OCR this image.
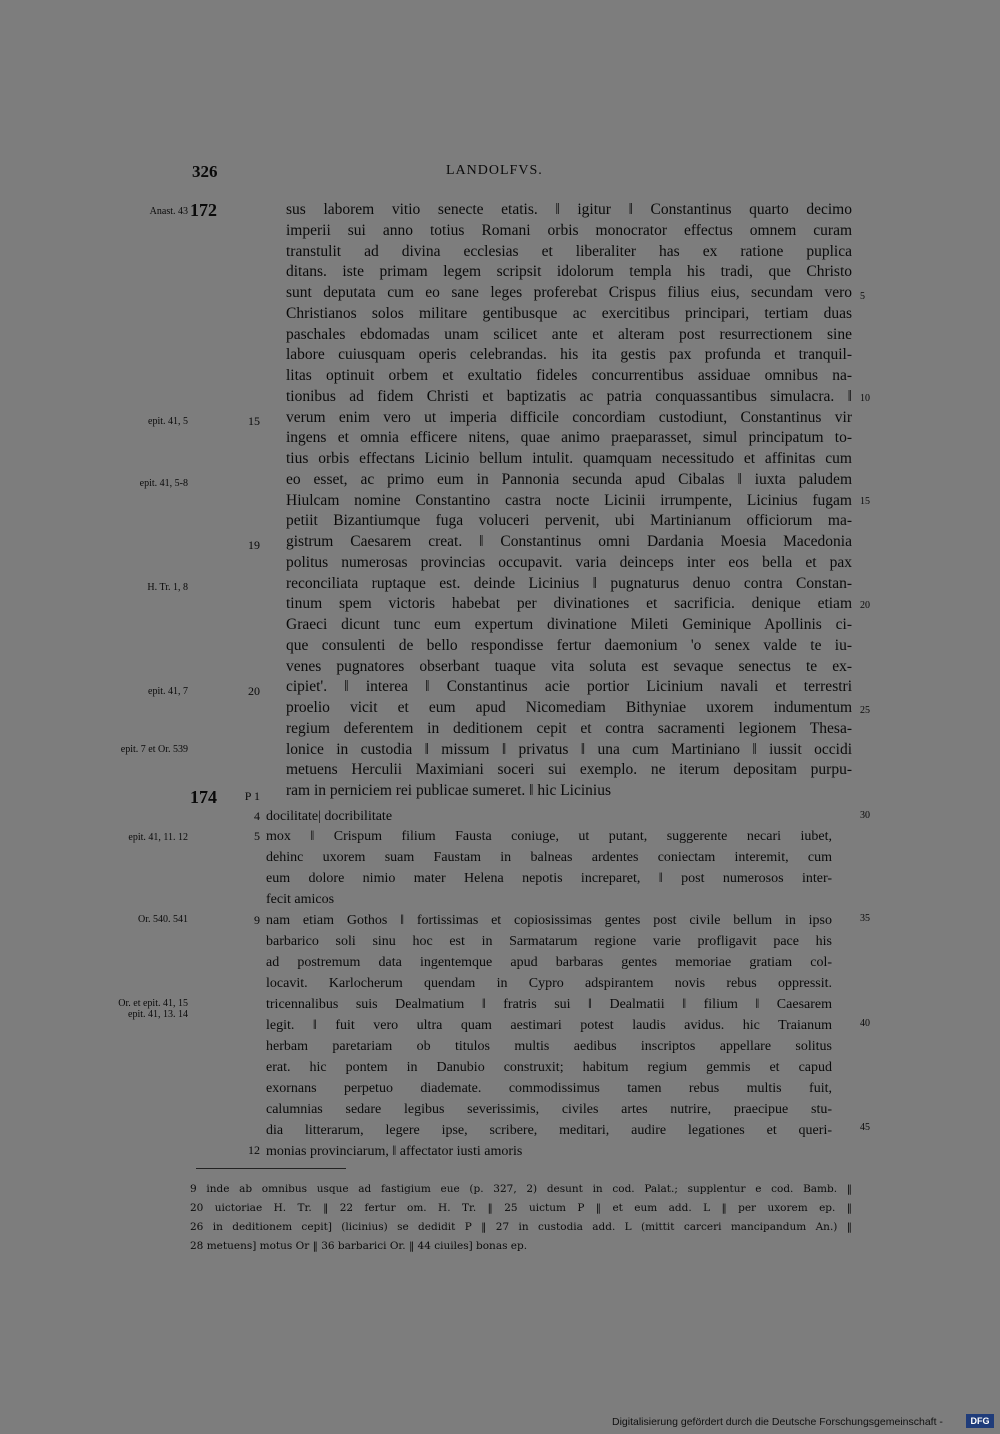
326	LANDOLFVS.
Anast. 43
epit. 41, 5
epit. 41, 5-8
H. Tr. 1, 8
epit. 41, 7
epit. 7 et Or. 539
epit. 41, 11. 12
Or. 540. 541
Or. et epit. 41, 15 epit. 41, 13. 14
172
174
15
19
20
P 1
4
5
9
12
5
10
15
20
25
30
35
40
45
sus laborem vitio senecte etatis. ‖ igitur ‖ Constantinus quarto decimo
imperii sui anno totius Romani orbis monocrator effectus omnem curam
transtulit ad divina ecclesias et liberaliter has ex ratione puplica
ditans. iste primam legem scripsit idolorum templa his tradi, que Christo
sunt deputata cum eo sane leges proferebat Crispus filius eius, secundam vero
Christianos solos militare gentibusque ac exercitibus principari, tertiam duas
paschales ebdomadas unam scilicet ante et alteram post resurrectionem sine
labore cuiusquam operis celebrandas. his ita gestis pax profunda et tranquil-
litas optinuit orbem et exultatio fideles concurrentibus assiduae omnibus na-
tionibus ad fidem Christi et baptizatis ac patria conquassantibus simulacra. ‖
verum enim vero ut imperia difficile concordiam custodiunt, Constantinus vir
ingens et omnia efficere nitens, quae animo praeparasset, simul principatum to-
tius orbis effectans Licinio bellum intulit. quamquam necessitudo et affinitas cum
eo esset, ac primo eum in Pannonia secunda apud Cibalas ‖ iuxta paludem
Hiulcam nomine Constantino castra nocte Licinii irrumpente, Licinius fugam
petiit Bizantiumque fuga voluceri pervenit, ubi Martinianum officiorum ma-
gistrum Caesarem creat. ‖ Constantinus omni Dardania Moesia Macedonia
politus numerosas provincias occupavit. varia deinceps inter eos bella et pax
reconciliata ruptaque est. deinde Licinius ‖ pugnaturus denuo contra Constan-
tinum spem victoris habebat per divinationes et sacrificia. denique etiam
Graeci dicunt tunc eum expertum divinatione Mileti Geminique Apollinis ci-
que consulenti de bello respondisse fertur daemonium 'o senex valde te iu-
venes pugnatores obserbant tuaque vita soluta est sevaque senectus te ex-
cipiet'. ‖ interea ‖ Constantinus acie portior Licinium navali et terrestri
proelio vicit et eum apud Nicomediam Bithyniae uxorem indumentum
regium deferentem in deditionem cepit et contra sacramenti legionem Thesa-
lonice in custodia ‖ missum ‖ privatus ‖ una cum Martiniano ‖ iussit occidi
metuens Herculii Maximiani soceri sui exemplo. ne iterum depositam purpu-
ram in perniciem rei publicae sumeret. ‖ hic Licinius
docilitate| docribilitate
mox ‖ Crispum filium Fausta coniuge, ut putant, suggerente necari iubet,
dehinc uxorem suam Faustam in balneas ardentes coniectam interemit, cum
eum dolore nimio mater Helena nepotis increparet, ‖ post numerosos inter-
fecit amicos
nam etiam Gothos ‖ fortissimas et copiosissimas gentes post civile bellum in ipso
barbarico soli sinu hoc est in Sarmatarum regione varie profligavit pace his
ad postremum data ingentemque apud barbaras gentes memoriae gratiam col-
locavit. Karlocherum quendam in Cypro adspirantem novis rebus oppressit.
tricennalibus suis Dealmatium ‖ fratris sui ‖ Dealmatii ‖ filium ‖ Caesarem
legit. ‖ fuit vero ultra quam aestimari potest laudis avidus. hic Traianum
herbam paretariam ob titulos multis aedibus inscriptos appellare solitus
erat. hic pontem in Danubio construxit; habitum regium gemmis et capud
exornans perpetuo diademate. commodissimus tamen rebus multis fuit,
calumnias sedare legibus severissimis, civiles artes nutrire, praecipue stu-
dia litterarum, legere ipse, scribere, meditari, audire legationes et queri-
monias provinciarum, ‖ affectator iusti amoris
9 inde ab omnibus usque ad fastigium eue (p. 327, 2) desunt in cod. Palat.; supplentur e cod. Bamb. ‖
20 uictoriae H. Tr. ‖ 22 fertur om. H. Tr. ‖ 25 uictum P ‖ et eum add. L ‖ per uxorem ep. ‖
26 in deditionem cepit] (licinius) se dedidit P ‖ 27 in custodia add. L (mittit carceri mancipandum An.) ‖
28 metuens] motus Or ‖ 36 barbarici Or. ‖ 44 ciuiles] bonas ep.
Digitalisierung gefördert durch die Deutsche Forschungsgemeinschaft -	DFG
